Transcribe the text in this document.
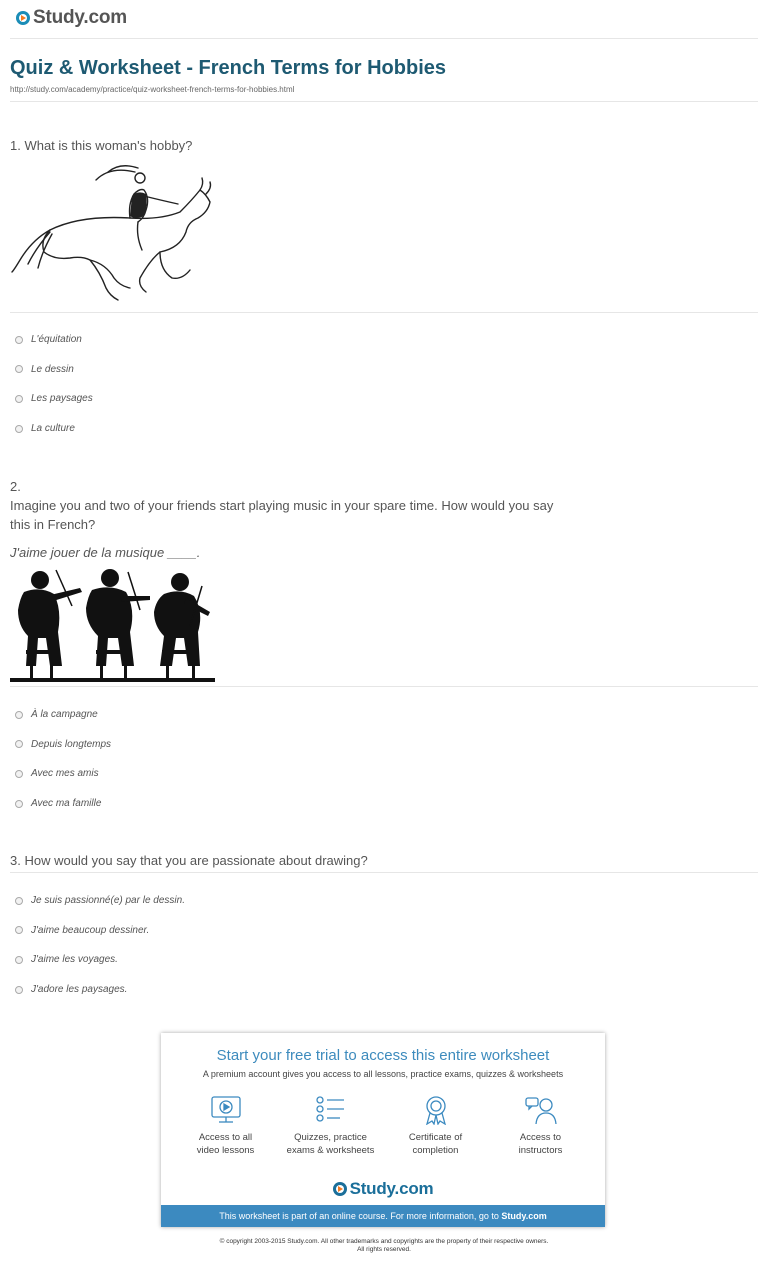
Study.com
Quiz & Worksheet - French Terms for Hobbies
http://study.com/academy/practice/quiz-worksheet-french-terms-for-hobbies.html
1. What is this woman's hobby?
L'équitation
Le dessin
Les paysages
La culture
2.
Imagine you and two of your friends start playing music in your spare time. How would you say
this in French?
J'aime jouer de la musique ____.
À la campagne
Depuis longtemps
Avec mes amis
Avec ma famille
3. How would you say that you are passionate about drawing?
Je suis passionné(e) par le dessin.
J'aime beaucoup dessiner.
J'aime les voyages.
J'adore les paysages.
Start your free trial to access this entire worksheet
A premium account gives you access to all lessons, practice exams, quizzes & worksheets
Access to all
video lessons
Quizzes, practice
exams & worksheets
Certificate of
completion
Access to
instructors
Study.com
This worksheet is part of an online course. For more information, go to Study.com
© copyright 2003-2015 Study.com. All other trademarks and copyrights are the property of their respective owners.
All rights reserved.
